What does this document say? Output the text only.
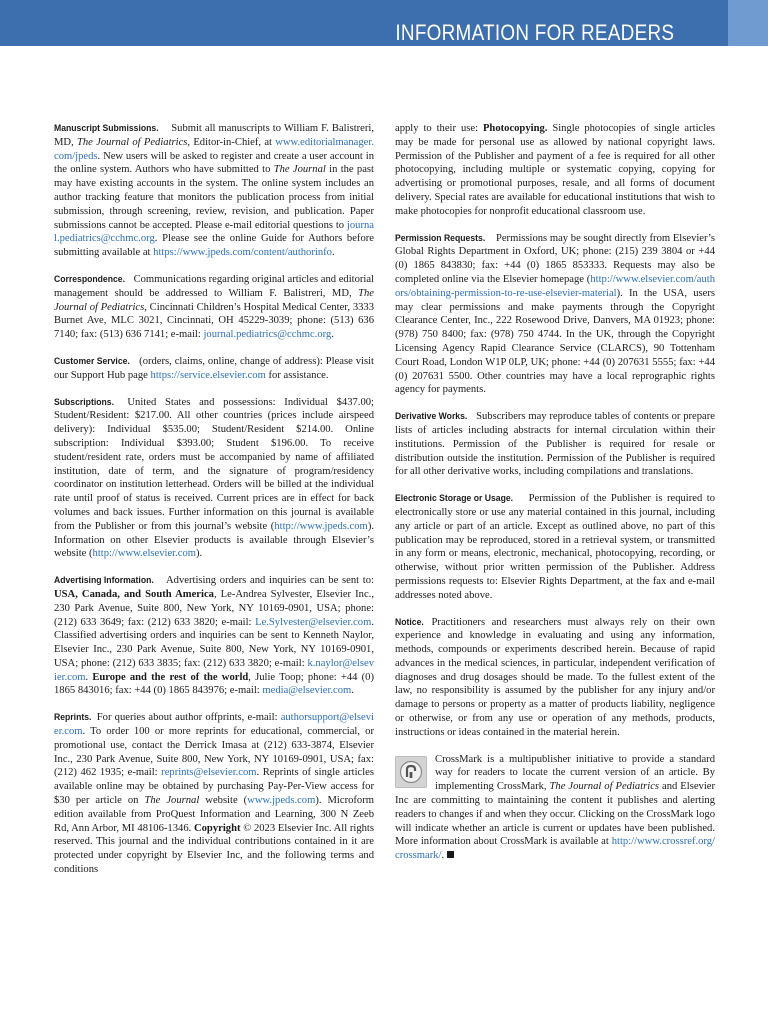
INFORMATION FOR READERS

Manuscript Submissions. Submit all manuscripts to William F. Balistreri, MD, The Journal of Pediatrics, Editor-in-Chief, at www.editorialmanager.com/jpeds. New users will be asked to register and create a user account in the online system. Authors who have submitted to The Journal in the past may have existing accounts in the system. The online system includes an author tracking feature that monitors the publication process from initial submission, through screening, review, revision, and publication. Paper submissions cannot be accepted. Please e-mail editorial questions to journal.pediatrics@cchmc.org. Please see the online Guide for Authors before submitting available at https://www.jpeds.com/content/authorinfo.

Correspondence. Communications regarding original articles and editorial management should be addressed to William F. Balistreri, MD, The Journal of Pediatrics, Cincinnati Children’s Hospital Medical Center, 3333 Burnet Ave, MLC 3021, Cincinnati, OH 45229-3039; phone: (513) 636 7140; fax: (513) 636 7141; e-mail: journal.pediatrics@cchmc.org.

Customer Service. (orders, claims, online, change of address): Please visit our Support Hub page https://service.elsevier.com for assistance.

Subscriptions. United States and possessions: Individual $437.00; Student/Resident: $217.00. All other countries (prices include airspeed delivery): Individual $535.00; Student/Resident $214.00. Online subscription: Individual $393.00; Student $196.00. To receive student/resident rate, orders must be accompanied by name of affiliated institution, date of term, and the signature of program/residency coordinator on institution letterhead. Orders will be billed at the individual rate until proof of status is received. Current prices are in effect for back volumes and back issues. Further information on this journal is available from the Publisher or from this journal’s website (http://www.jpeds.com). Information on other Elsevier products is available through Elsevier’s website (http://www.elsevier.com).

Advertising Information. Advertising orders and inquiries can be sent to: USA, Canada, and South America, Le-Andrea Sylvester, Elsevier Inc., 230 Park Avenue, Suite 800, New York, NY 10169-0901, USA; phone: (212) 633 3649; fax: (212) 633 3820; e-mail: Le.Sylvester@elsevier.com. Classified advertising orders and inquiries can be sent to Kenneth Naylor, Elsevier Inc., 230 Park Avenue, Suite 800, New York, NY 10169-0901, USA; phone: (212) 633 3835; fax: (212) 633 3820; e-mail: k.naylor@elsevier.com. Europe and the rest of the world, Julie Toop; phone: +44 (0) 1865 843016; fax: +44 (0) 1865 843976; e-mail: media@elsevier.com.

Reprints. For queries about author offprints, e-mail: authorsupport@elsevier.com. To order 100 or more reprints for educational, commercial, or promotional use, contact the Derrick Imasa at (212) 633-3874, Elsevier Inc., 230 Park Avenue, Suite 800, New York, NY 10169-0901, USA; fax: (212) 462 1935; e-mail: reprints@elsevier.com. Reprints of single articles available online may be obtained by purchasing Pay-Per-View access for $30 per article on The Journal website (www.jpeds.com). Microform edition available from ProQuest Information and Learning, 300 N Zeeb Rd, Ann Arbor, MI 48106-1346. Copyright © 2023 Elsevier Inc. All rights reserved. This journal and the individual contributions contained in it are protected under copyright by Elsevier Inc, and the following terms and conditions

apply to their use: Photocopying. Single photocopies of single articles may be made for personal use as allowed by national copyright laws. Permission of the Publisher and payment of a fee is required for all other photocopying, including multiple or systematic copying, copying for advertising or promotional purposes, resale, and all forms of document delivery. Special rates are available for educational institutions that wish to make photocopies for nonprofit educational classroom use.

Permission Requests. Permissions may be sought directly from Elsevier’s Global Rights Department in Oxford, UK; phone: (215) 239 3804 or +44 (0) 1865 843830; fax: +44 (0) 1865 853333. Requests may also be completed online via the Elsevier homepage (http://www.elsevier.com/authors/obtaining-permission-to-re-use-elsevier-material). In the USA, users may clear permissions and make payments through the Copyright Clearance Center, Inc., 222 Rosewood Drive, Danvers, MA 01923; phone: (978) 750 8400; fax: (978) 750 4744. In the UK, through the Copyright Licensing Agency Rapid Clearance Service (CLARCS), 90 Tottenham Court Road, London W1P 0LP, UK; phone: +44 (0) 207631 5555; fax: +44 (0) 207631 5500. Other countries may have a local reprographic rights agency for payments.

Derivative Works. Subscribers may reproduce tables of contents or prepare lists of articles including abstracts for internal circulation within their institutions. Permission of the Publisher is required for resale or distribution outside the institution. Permission of the Publisher is required for all other derivative works, including compilations and translations.

Electronic Storage or Usage. Permission of the Publisher is required to electronically store or use any material contained in this journal, including any article or part of an article. Except as outlined above, no part of this publication may be reproduced, stored in a retrieval system, or transmitted in any form or means, electronic, mechanical, photocopying, recording, or otherwise, without prior written permission of the Publisher. Address permissions requests to: Elsevier Rights Department, at the fax and e-mail addresses noted above.

Notice. Practitioners and researchers must always rely on their own experience and knowledge in evaluating and using any information, methods, compounds or experiments described herein. Because of rapid advances in the medical sciences, in particular, independent verification of diagnoses and drug dosages should be made. To the fullest extent of the law, no responsibility is assumed by the publisher for any injury and/or damage to persons or property as a matter of products liability, negligence or otherwise, or from any use or operation of any methods, products, instructions or ideas contained in the material herein.

CrossMark is a multipublisher initiative to provide a standard way for readers to locate the current version of an article. By implementing CrossMark, The Journal of Pediatrics and Elsevier Inc are committing to maintaining the content it publishes and alerting readers to changes if and when they occur. Clicking on the CrossMark logo will indicate whether an article is current or updates have been published. More information about CrossMark is available at http://www.crossref.org/crossmark/.
